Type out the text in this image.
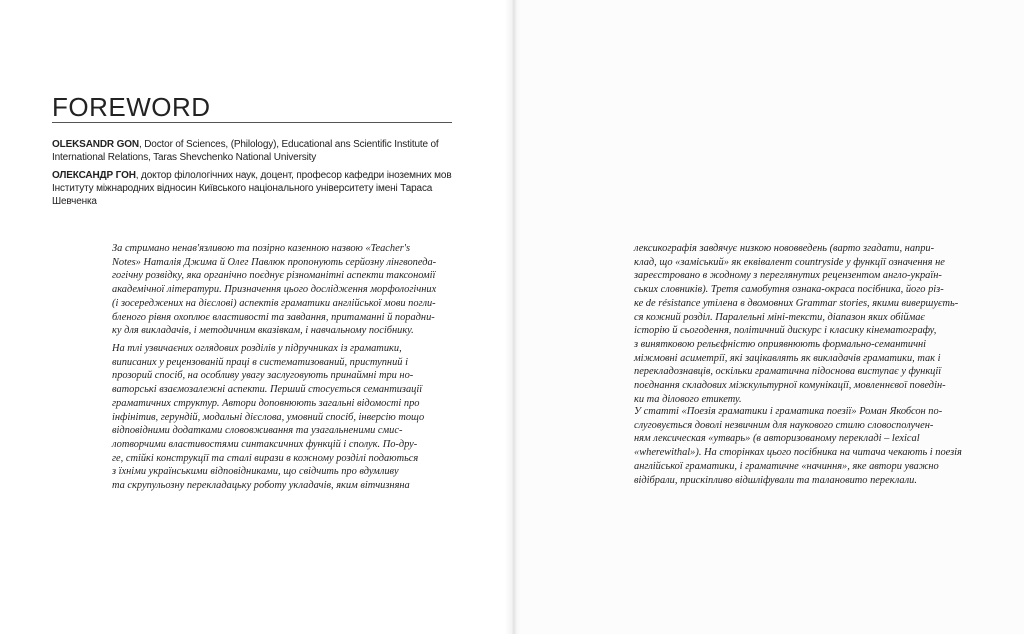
FOREWORD

OLEKSANDR GON, Doctor of Sciences, (Philology), Educational ans Scientific Institute of International Relations, Taras Shevchenko National University

ОЛЕКСАНДР ГОН, доктор філологічних наук, доцент, професор кафедри іноземних мов Інституту міжнародних відносин Київського національного університету імені Тараса Шевченка

За стримано ненав'язливою та позірно казенною назвою «Teacher's
Notes» Наталія Джима й Олег Павлюк пропонують серйозну лінгвопеда-
гогічну розвідку, яка органічно поєднує різноманітні аспекти таксономії
академічної літератури. Призначення цього дослідження морфологічних
(і зосереджених на дієслові) аспектів граматики англійської мови погли-
бленого рівня охоплює властивості та завдання, притаманні й порадни-
ку для викладачів, і методичним вказівкам, і навчальному посібнику.

На тлі узвичаєних оглядових розділів у підручниках із граматики,
виписаних у рецензованій праці в систематизований, приступний і
прозорий спосіб, на особливу увагу заслуговують принаймні три но-
ваторські взаємозалежні аспекти. Перший стосується семантизації
граматичних структур. Автори доповнюють загальні відомості про
інфінітив, герундій, модальні дієслова, умовний спосіб, інверсію тощо
відповідними додатками слововживання та узагальненими смис-
лотворчими властивостями синтаксичних функцій і сполук. По-дру-
ге, стійкі конструкції та сталі вирази в кожному розділі подаються
з їхніми українськими відповідниками, що свідчить про вдумливу
та скрупульозну перекладацьку роботу укладачів, яким вітчизняна

лексикографія завдячує низкою нововведень (варто згадати, напри-
клад, що «заміський» як еквівалент countryside у функції означення не
зареєстровано в жодному з переглянутих рецензентом англо-україн-
ських словників). Третя самобутня ознака-окраса посібника, його різ-
ке de résistance утілена в двомовних Grammar stories, якими вивершуєть-
ся кожний розділ. Паралельні міні-тексти, діапазон яких обіймає
історію й сьогодення, політичний дискурс і класику кінематографу,
з винятковою рельєфністю оприявнюють формально-семантичні
міжмовні асиметрії, які зацікавлять як викладачів граматики, так і
перекладознавців, оскільки граматична підоснова виступає у функції
поєднання складових міжкультурної комунікації, мовленнєвої поведін-
ки та ділового етикету.

У статті «Поезія граматики і граматика поезії» Роман Якобсон по-
слуговується доволі незвичним для наукового стилю словосполучен-
ням лексичеcкая «утварь» (в авторизованому перекладі – lexical
«wherewithal»). На сторінках цього посібника на читача чекають і поезія
англійської граматики, і граматичне «начиння», яке автори уважно
відібрали, прискіпливо відшліфували та талановито переклали.
